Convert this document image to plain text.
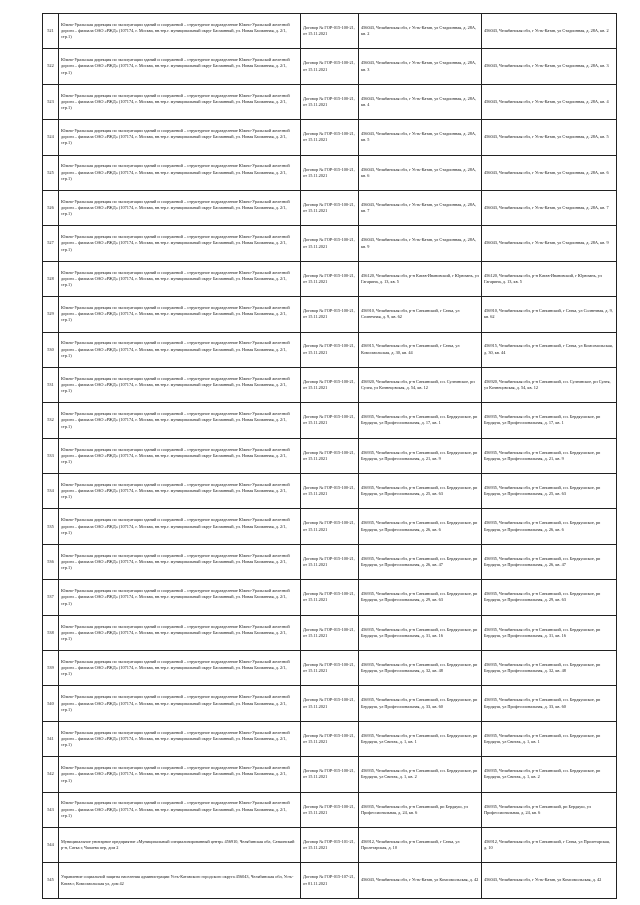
521	Южно-Уральская дирекция по эксплуатации зданий и сооружений – структурное подразделение Южно-Уральской железной дороги – филиала ОАО «РЖД» (107174, г. Москва, вн.тер.г. муниципальный округ Басманный, ул. Новая Басманная, д. 2/1, стр.1)	Договор № ГОР-015-100-21, от 15.11.2021	456043, Челябинская обл, г Усть-Катав, ул Стадионная, д. 28А, кв. 2	456043, Челябинская обл, г Усть-Катав, ул Стадионная, д. 28А, кв. 2
522	Южно-Уральская дирекция по эксплуатации зданий и сооружений – структурное подразделение Южно-Уральской железной дороги – филиала ОАО «РЖД» (107174, г. Москва, вн.тер.г. муниципальный округ Басманный, ул. Новая Басманная, д. 2/1, стр.1)	Договор № ГОР-015-100-21, от 15.11.2021	456043, Челябинская обл, г Усть-Катав, ул Стадионная, д. 28А, кв. 3	456043, Челябинская обл, г Усть-Катав, ул Стадионная, д. 28А, кв. 3
523	Южно-Уральская дирекция по эксплуатации зданий и сооружений – структурное подразделение Южно-Уральской железной дороги – филиала ОАО «РЖД» (107174, г. Москва, вн.тер.г. муниципальный округ Басманный, ул. Новая Басманная, д. 2/1, стр.1)	Договор № ГОР-015-100-21, от 15.11.2021	456043, Челябинская обл, г Усть-Катав, ул Стадионная, д. 28А, кв. 4	456043, Челябинская обл, г Усть-Катав, ул Стадионная, д. 28А, кв. 4
524	Южно-Уральская дирекция по эксплуатации зданий и сооружений – структурное подразделение Южно-Уральской железной дороги – филиала ОАО «РЖД» (107174, г. Москва, вн.тер.г. муниципальный округ Басманный, ул. Новая Басманная, д. 2/1, стр.1)	Договор № ГОР-015-100-21, от 15.11.2021	456043, Челябинская обл, г Усть-Катав, ул Стадионная, д. 28А, кв. 5	456043, Челябинская обл, г Усть-Катав, ул Стадионная, д. 28А, кв. 5
525	Южно-Уральская дирекция по эксплуатации зданий и сооружений – структурное подразделение Южно-Уральской железной дороги – филиала ОАО «РЖД» (107174, г. Москва, вн.тер.г. муниципальный округ Басманный, ул. Новая Басманная, д. 2/1, стр.1)	Договор № ГОР-015-100-21, от 15.11.2021	456043, Челябинская обл, г Усть-Катав, ул Стадионная, д. 28А, кв. 6	456043, Челябинская обл, г Усть-Катав, ул Стадионная, д. 28А, кв. 6
526	Южно-Уральская дирекция по эксплуатации зданий и сооружений – структурное подразделение Южно-Уральской железной дороги – филиала ОАО «РЖД» (107174, г. Москва, вн.тер.г. муниципальный округ Басманный, ул. Новая Басманная, д. 2/1, стр.1)	Договор № ГОР-015-100-21, от 15.11.2021	456043, Челябинская обл, г Усть-Катав, ул Стадионная, д. 28А, кв. 7	456043, Челябинская обл, г Усть-Катав, ул Стадионная, д. 28А, кв. 7
527	Южно-Уральская дирекция по эксплуатации зданий и сооружений – структурное подразделение Южно-Уральской железной дороги – филиала ОАО «РЖД» (107174, г. Москва, вн.тер.г. муниципальный округ Басманный, ул. Новая Басманная, д. 2/1, стр.1)	Договор № ГОР-015-100-21, от 15.11.2021	456043, Челябинская обл, г Усть-Катав, ул Стадионная, д. 28А, кв. 9	456043, Челябинская обл, г Усть-Катав, ул Стадионная, д. 28А, кв. 9
528	Южно-Уральская дирекция по эксплуатации зданий и сооружений – структурное подразделение Южно-Уральской железной дороги – филиала ОАО «РЖД» (107174, г. Москва, вн.тер.г. муниципальный округ Басманный, ул. Новая Басманная, д. 2/1, стр.1)	Договор № ГОР-015-100-21, от 15.11.2021	456120, Челябинская обл, р-н Катав-Ивановский, г Юрюзань, ул Гагарина, д. 13, кв. 5	456120, Челябинская обл, р-н Катав-Ивановский, г Юрюзань, ул Гагарина, д. 13, кв. 5
529	Южно-Уральская дирекция по эксплуатации зданий и сооружений – структурное подразделение Южно-Уральской железной дороги – филиала ОАО «РЖД» (107174, г. Москва, вн.тер.г. муниципальный округ Басманный, ул. Новая Басманная, д. 2/1, стр.1)	Договор № ГОР-015-100-21, от 15.11.2021	456910, Челябинская обл, р-н Саткинский, г Сатка, ул Солнечная, д. 9, кв. 62	456910, Челябинская обл, р-н Саткинский, г Сатка, ул Солнечная, д. 9, кв. 62
530	Южно-Уральская дирекция по эксплуатации зданий и сооружений – структурное подразделение Южно-Уральской железной дороги – филиала ОАО «РЖД» (107174, г. Москва, вн.тер.г. муниципальный округ Басманный, ул. Новая Басманная, д. 2/1, стр.1)	Договор № ГОР-015-100-21, от 15.11.2021	456915, Челябинская обл, р-н Саткинский, г Сатка, ул Комсомольская, д. 30, кв. 44	456915, Челябинская обл, р-н Саткинский, г Сатка, ул Комсомольская, д. 30, кв. 44
531	Южно-Уральская дирекция по эксплуатации зданий и сооружений – структурное подразделение Южно-Уральской железной дороги – филиала ОАО «РЖД» (107174, г. Москва, вн.тер.г. муниципальный округ Басманный, ул. Новая Басманная, д. 2/1, стр.1)	Договор № ГОР-015-100-21, от 15.11.2021	456920, Челябинская обл, р-н Саткинский, г.п. Сулеинское, рп Сулея, ул Кочнецовская, д. 54, кв. 12	456920, Челябинская обл, р-н Саткинский, г.п. Сулеинское, рп Сулея, ул Кочнецовская, д. 54, кв. 12
532	Южно-Уральская дирекция по эксплуатации зданий и сооружений – структурное подразделение Южно-Уральской железной дороги – филиала ОАО «РЖД» (107174, г. Москва, вн.тер.г. муниципальный округ Басманный, ул. Новая Басманная, д. 2/1, стр.1)	Договор № ГОР-015-100-21, от 15.11.2021	456935, Челябинская обл, р-н Саткинский, г.п. Бердяушское, рп Бердяуш, ул Профессиональная, д. 17, кв. 1	456935, Челябинская обл, р-н Саткинский, г.п. Бердяушское, рп Бердяуш, ул Профессиональная, д. 17, кв. 1
533	Южно-Уральская дирекция по эксплуатации зданий и сооружений – структурное подразделение Южно-Уральской железной дороги – филиала ОАО «РЖД» (107174, г. Москва, вн.тер.г. муниципальный округ Басманный, ул. Новая Басманная, д. 2/1, стр.1)	Договор № ГОР-015-100-21, от 15.11.2021	456935, Челябинская обл, р-н Саткинский, г.п. Бердяушское, рп Бердяуш, ул Профессиональная, д. 21, кв. 9	456935, Челябинская обл, р-н Саткинский, г.п. Бердяушское, рп Бердяуш, ул Профессиональная, д. 21, кв. 9
534	Южно-Уральская дирекция по эксплуатации зданий и сооружений – структурное подразделение Южно-Уральской железной дороги – филиала ОАО «РЖД» (107174, г. Москва, вн.тер.г. муниципальный округ Басманный, ул. Новая Басманная, д. 2/1, стр.1)	Договор № ГОР-015-100-21, от 15.11.2021	456935, Челябинская обл, р-н Саткинский, г.п. Бердяушское, рп Бердяуш, ул Профессиональная, д. 25, кв. 63	456935, Челябинская обл, р-н Саткинский, г.п. Бердяушское, рп Бердяуш, ул Профессиональная, д. 25, кв. 63
535	Южно-Уральская дирекция по эксплуатации зданий и сооружений – структурное подразделение Южно-Уральской железной дороги – филиала ОАО «РЖД» (107174, г. Москва, вн.тер.г. муниципальный округ Басманный, ул. Новая Басманная, д. 2/1, стр.1)	Договор № ГОР-015-100-21, от 15.11.2021	456935, Челябинская обл, р-н Саткинский, г.п. Бердяушское, рп Бердяуш, ул Профессиональная, д. 26, кв. 6	456935, Челябинская обл, р-н Саткинский, г.п. Бердяушское, рп Бердяуш, ул Профессиональная, д. 26, кв. 6
536	Южно-Уральская дирекция по эксплуатации зданий и сооружений – структурное подразделение Южно-Уральской железной дороги – филиала ОАО «РЖД» (107174, г. Москва, вн.тер.г. муниципальный округ Басманный, ул. Новая Басманная, д. 2/1, стр.1)	Договор № ГОР-015-100-21, от 15.11.2021	456935, Челябинская обл, р-н Саткинский, г.п. Бердяушское, рп Бердяуш, ул Профессиональная, д. 26, кв. 47	456935, Челябинская обл, р-н Саткинский, г.п. Бердяушское, рп Бердяуш, ул Профессиональная, д. 26, кв. 47
537	Южно-Уральская дирекция по эксплуатации зданий и сооружений – структурное подразделение Южно-Уральской железной дороги – филиала ОАО «РЖД» (107174, г. Москва, вн.тер.г. муниципальный округ Басманный, ул. Новая Басманная, д. 2/1, стр.1)	Договор № ГОР-015-100-21, от 15.11.2021	456935, Челябинская обл, р-н Саткинский, г.п. Бердяушское, рп Бердяуш, ул Профессиональная, д. 29, кв. 63	456935, Челябинская обл, р-н Саткинский, г.п. Бердяушское, рп Бердяуш, ул Профессиональная, д. 29, кв. 63
538	Южно-Уральская дирекция по эксплуатации зданий и сооружений – структурное подразделение Южно-Уральской железной дороги – филиала ОАО «РЖД» (107174, г. Москва, вн.тер.г. муниципальный округ Басманный, ул. Новая Басманная, д. 2/1, стр.1)	Договор № ГОР-015-100-21, от 15.11.2021	456935, Челябинская обл, р-н Саткинский, г.п. Бердяушское, рп Бердяуш, ул Профессиональная, д. 31, кв. 16	456935, Челябинская обл, р-н Саткинский, г.п. Бердяушское, рп Бердяуш, ул Профессиональная, д. 31, кв. 16
539	Южно-Уральская дирекция по эксплуатации зданий и сооружений – структурное подразделение Южно-Уральской железной дороги – филиала ОАО «РЖД» (107174, г. Москва, вн.тер.г. муниципальный округ Басманный, ул. Новая Басманная, д. 2/1, стр.1)	Договор № ГОР-015-100-21, от 15.11.2021	456935, Челябинская обл, р-н Саткинский, г.п. Бердяушское, рп Бердяуш, ул Профессиональная, д. 32, кв. 48	456935, Челябинская обл, р-н Саткинский, г.п. Бердяушское, рп Бердяуш, ул Профессиональная, д. 32, кв. 48
540	Южно-Уральская дирекция по эксплуатации зданий и сооружений – структурное подразделение Южно-Уральской железной дороги – филиала ОАО «РЖД» (107174, г. Москва, вн.тер.г. муниципальный округ Басманный, ул. Новая Басманная, д. 2/1, стр.1)	Договор № ГОР-015-100-21, от 15.11.2021	456935, Челябинская обл, р-н Саткинский, г.п. Бердяушское, рп Бердяуш, ул Профессиональная, д. 33, кв. 60	456935, Челябинская обл, р-н Саткинский, г.п. Бердяушское, рп Бердяуш, ул Профессиональная, д. 33, кв. 60
541	Южно-Уральская дирекция по эксплуатации зданий и сооружений – структурное подразделение Южно-Уральской железной дороги – филиала ОАО «РЖД» (107174, г. Москва, вн.тер.г. муниципальный округ Басманный, ул. Новая Басманная, д. 2/1, стр.1)	Договор № ГОР-015-100-21, от 15.11.2021	456935, Челябинская обл, р-н Саткинский, г.п. Бердяушское, рп Бердяуш, ул Свитак, д. 1, кв. 1	456935, Челябинская обл, р-н Саткинский, г.п. Бердяушское, рп Бердяуш, ул Свитак, д. 1, кв. 1
542	Южно-Уральская дирекция по эксплуатации зданий и сооружений – структурное подразделение Южно-Уральской железной дороги – филиала ОАО «РЖД» (107174, г. Москва, вн.тер.г. муниципальный округ Басманный, ул. Новая Басманная, д. 2/1, стр.1)	Договор № ГОР-015-100-21, от 15.11.2021	456935, Челябинская обл, р-н Саткинский, г.п. Бердяушское, рп Бердяуш, ул Свитак, д. 1, кв. 2	456935, Челябинская обл, р-н Саткинский, г.п. Бердяушское, рп Бердяуш, ул Свитак, д. 1, кв. 2
543	Южно-Уральская дирекция по эксплуатации зданий и сооружений – структурное подразделение Южно-Уральской железной дороги – филиала ОАО «РЖД» (107174, г. Москва, вн.тер.г. муниципальный округ Басманный, ул. Новая Басманная, д. 2/1, стр.1)	Договор № ГОР-015-100-21, от 15.11.2021	456935, Челябинская обл, р-н Саткинский, рп Бердяуш, ул Профессиональная, д. 24, кв. 6	456935, Челябинская обл, р-н Саткинский, рп Бердяуш, ул Профессиональная, д. 24, кв. 6
544	Муниципальное унитарное предприятие «Муниципальный специализированный центр» 456910, Челябинская обл, Саткинский р-н, Сатка г, Чапаева пер, дом 2	Договор № ГОР-015-101-21, от 15.11.2021	456912, Челябинская обл, р-н Саткинский, г Сатка, ул Пролетарская, д. 10	456912, Челябинская обл, р-н Саткинский, г Сатка, ул Пролетарская, д. 10
545	Управление социальной защиты населения администрации Усть-Катавского городского округа 456043, Челябинская обл, Усть-Катав г, Комсомольская ул, дом 42	Договор № ГОР-015-107-21, от 01.11.2021	456043, Челябинская обл, г Усть-Катав, ул Комсомольская, д. 42	456043, Челябинская обл, г Усть-Катав, ул Комсомольская, д. 42
